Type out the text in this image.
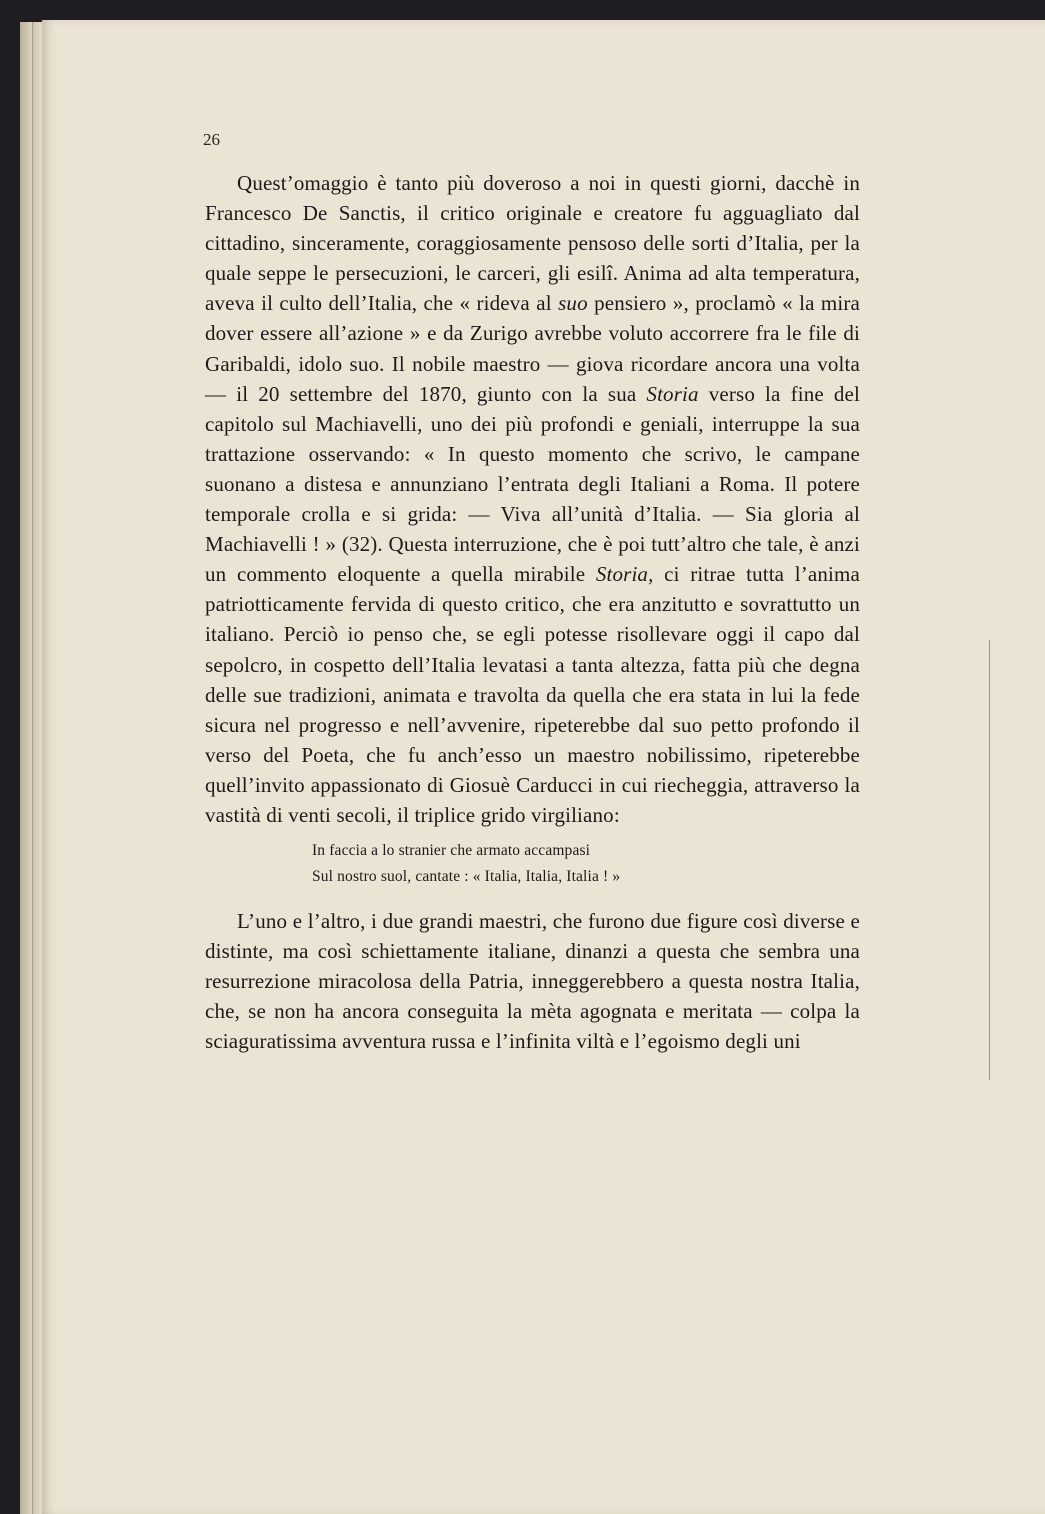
26

Quest’omaggio è tanto più doveroso a noi in questi giorni, dacchè in Francesco De Sanctis, il critico originale e creatore fu agguagliato dal cittadino, sinceramente, coraggiosamente pensoso delle sorti d’Italia, per la quale seppe le persecuzioni, le carceri, gli esilî. Anima ad alta temperatura, aveva il culto dell’Italia, che « rideva al suo pensiero », proclamò « la mira dover essere all’azione » e da Zurigo avrebbe voluto accorrere fra le file di Garibaldi, idolo suo. Il nobile maestro — giova ricordare ancora una volta — il 20 settembre del 1870, giunto con la sua Storia verso la fine del capitolo sul Machiavelli, uno dei più profondi e geniali, interruppe la sua trattazione osservando: « In questo momento che scrivo, le campane suonano a distesa e annunziano l’entrata degli Italiani a Roma. Il potere temporale crolla e si grida: — Viva all’unità d’Italia. — Sia gloria al Machiavelli ! » (32). Questa interruzione, che è poi tutt’altro che tale, è anzi un commento eloquente a quella mirabile Storia, ci ritrae tutta l’anima patriotticamente fervida di questo critico, che era anzitutto e sovrattutto un italiano. Perciò io penso che, se egli potesse risollevare oggi il capo dal sepolcro, in cospetto dell’Italia levatasi a tanta altezza, fatta più che degna delle sue tradizioni, animata e travolta da quella che era stata in lui la fede sicura nel progresso e nell’avvenire, ripeterebbe dal suo petto profondo il verso del Poeta, che fu anch’esso un maestro nobilissimo, ripeterebbe quell’invito appassionato di Giosuè Carducci in cui riecheggia, attraverso la vastità di venti secoli, il triplice grido virgiliano:

In faccia a lo stranier che armato accampasi
Sul nostro suol, cantate : « Italia, Italia, Italia ! »

L’uno e l’altro, i due grandi maestri, che furono due figure così diverse e distinte, ma così schiettamente italiane, dinanzi a questa che sembra una resurrezione miracolosa della Patria, inneggerebbero a questa nostra Italia, che, se non ha ancora conseguita la mèta agognata e meritata — colpa la sciaguratissima avventura russa e l’infinita viltà e l’egoismo degli uni
